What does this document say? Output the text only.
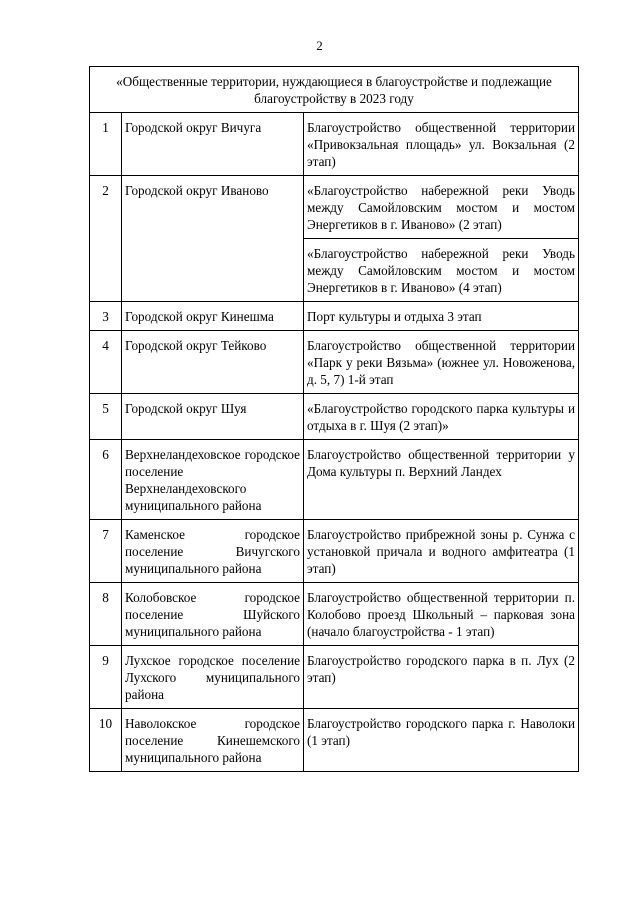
2
«Общественные территории, нуждающиеся в благоустройстве и подлежащие благоустройству в 2023 году		
1	Городской округ Вичуга	Благоустройство общественной территории «Привокзальная площадь» ул. Вокзальная (2 этап)
2	Городской округ Иваново	«Благоустройство набережной реки Уводь между Самойловским мостом и мостом Энергетиков в г. Иваново» (2 этап)
		«Благоустройство набережной реки Уводь между Самойловским мостом и мостом Энергетиков в г. Иваново» (4 этап)
3	Городской округ Кинешма	Порт культуры и отдыха 3 этап
4	Городской округ Тейково	Благоустройство общественной территории «Парк у реки Вязьма» (южнее ул. Новоженова, д. 5, 7) 1-й этап
5	Городской округ Шуя	«Благоустройство городского парка культуры и отдыха в г. Шуя (2 этап)»
6	Верхнеландеховское городское поселение Верхнеландеховского муниципального района	Благоустройство общественной территории у Дома культуры п. Верхний Ландех
7	Каменское городское поселение Вичугского муниципального района	Благоустройство прибрежной зоны р. Сунжа с установкой причала и водного амфитеатра (1 этап)
8	Колобовское городское поселение Шуйского муниципального района	Благоустройство общественной территории п. Колобово проезд Школьный – парковая зона (начало благоустройства - 1 этап)
9	Лухское городское поселение Лухского муниципального района	Благоустройство городского парка в п. Лух (2 этап)
10	Наволокское городское поселение Кинешемского муниципального района	Благоустройство городского парка г. Наволоки (1 этап)
